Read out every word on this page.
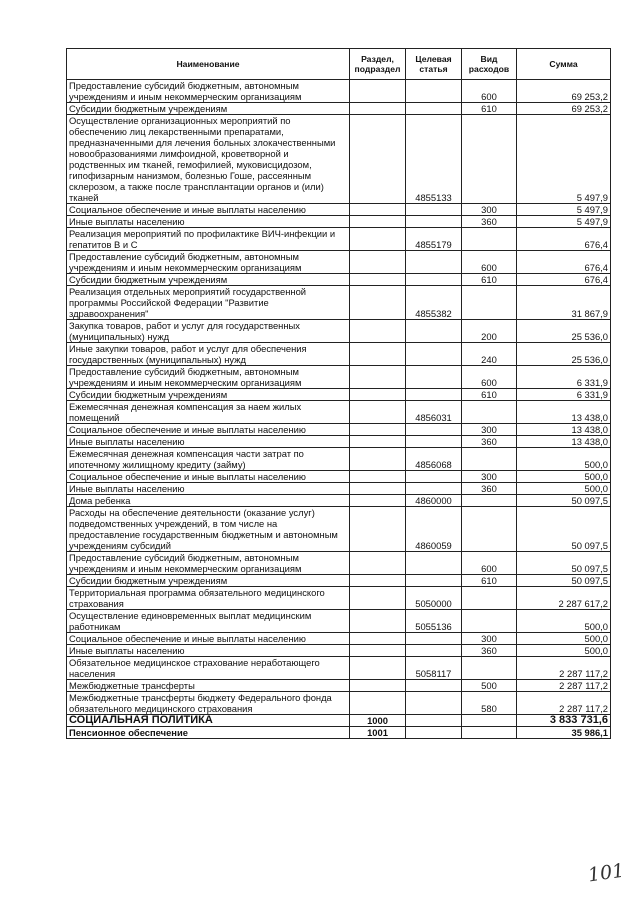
Наименование	Раздел, подраздел	Целевая статья	Вид расходов	Сумма
Предоставление субсидий бюджетным, автономным учреждениям и иным некоммерческим организациям			600	69 253,2
Субсидии бюджетным учреждениям			610	69 253,2
Осуществление организационных мероприятий по обеспечению лиц лекарственными препаратами, предназначенными для лечения больных злокачественными новообразованиями лимфоидной, кроветворной и родственных им тканей, гемофилией, муковисцидозом, гипофизарным нанизмом, болезнью Гоше, рассеянным склерозом, а также после трансплантации органов и (или) тканей		4855133		5 497,9
Социальное обеспечение и иные выплаты населению			300	5 497,9
Иные выплаты населению			360	5 497,9
Реализация мероприятий по профилактике ВИЧ-инфекции и гепатитов В и С		4855179		676,4
Предоставление субсидий бюджетным, автономным учреждениям и иным некоммерческим организациям			600	676,4
Субсидии бюджетным учреждениям			610	676,4
Реализация отдельных мероприятий государственной программы Российской Федерации "Развитие здравоохранения"		4855382		31 867,9
Закупка товаров, работ и услуг для государственных (муниципальных) нужд			200	25 536,0
Иные закупки товаров, работ и услуг для обеспечения государственных (муниципальных) нужд			240	25 536,0
Предоставление субсидий бюджетным, автономным учреждениям и иным некоммерческим организациям			600	6 331,9
Субсидии бюджетным учреждениям			610	6 331,9
Ежемесячная денежная компенсация за наем жилых помещений		4856031		13 438,0
Социальное обеспечение и иные выплаты населению			300	13 438,0
Иные выплаты населению			360	13 438,0
Ежемесячная денежная компенсация части затрат по ипотечному жилищному кредиту (займу)		4856068		500,0
Социальное обеспечение и иные выплаты населению			300	500,0
Иные выплаты населению			360	500,0
Дома ребенка		4860000		50 097,5
Расходы на обеспечение деятельности (оказание услуг) подведомственных учреждений, в том числе на предоставление государственным бюджетным и автономным учреждениям субсидий		4860059		50 097,5
Предоставление субсидий бюджетным, автономным учреждениям и иным некоммерческим организациям			600	50 097,5
Субсидии бюджетным учреждениям			610	50 097,5
Территориальная программа обязательного медицинского страхования		5050000		2 287 617,2
Осуществление единовременных выплат медицинским работникам		5055136		500,0
Социальное обеспечение и иные выплаты населению			300	500,0
Иные выплаты населению			360	500,0
Обязательное медицинское страхование неработающего населения		5058117		2 287 117,2
Межбюджетные трансферты			500	2 287 117,2
Межбюджетные трансферты бюджету Федерального фонда обязательного медицинского страхования			580	2 287 117,2
СОЦИАЛЬНАЯ ПОЛИТИКА	1000			3 833 731,6
Пенсионное обеспечение	1001			35 986,1
101
